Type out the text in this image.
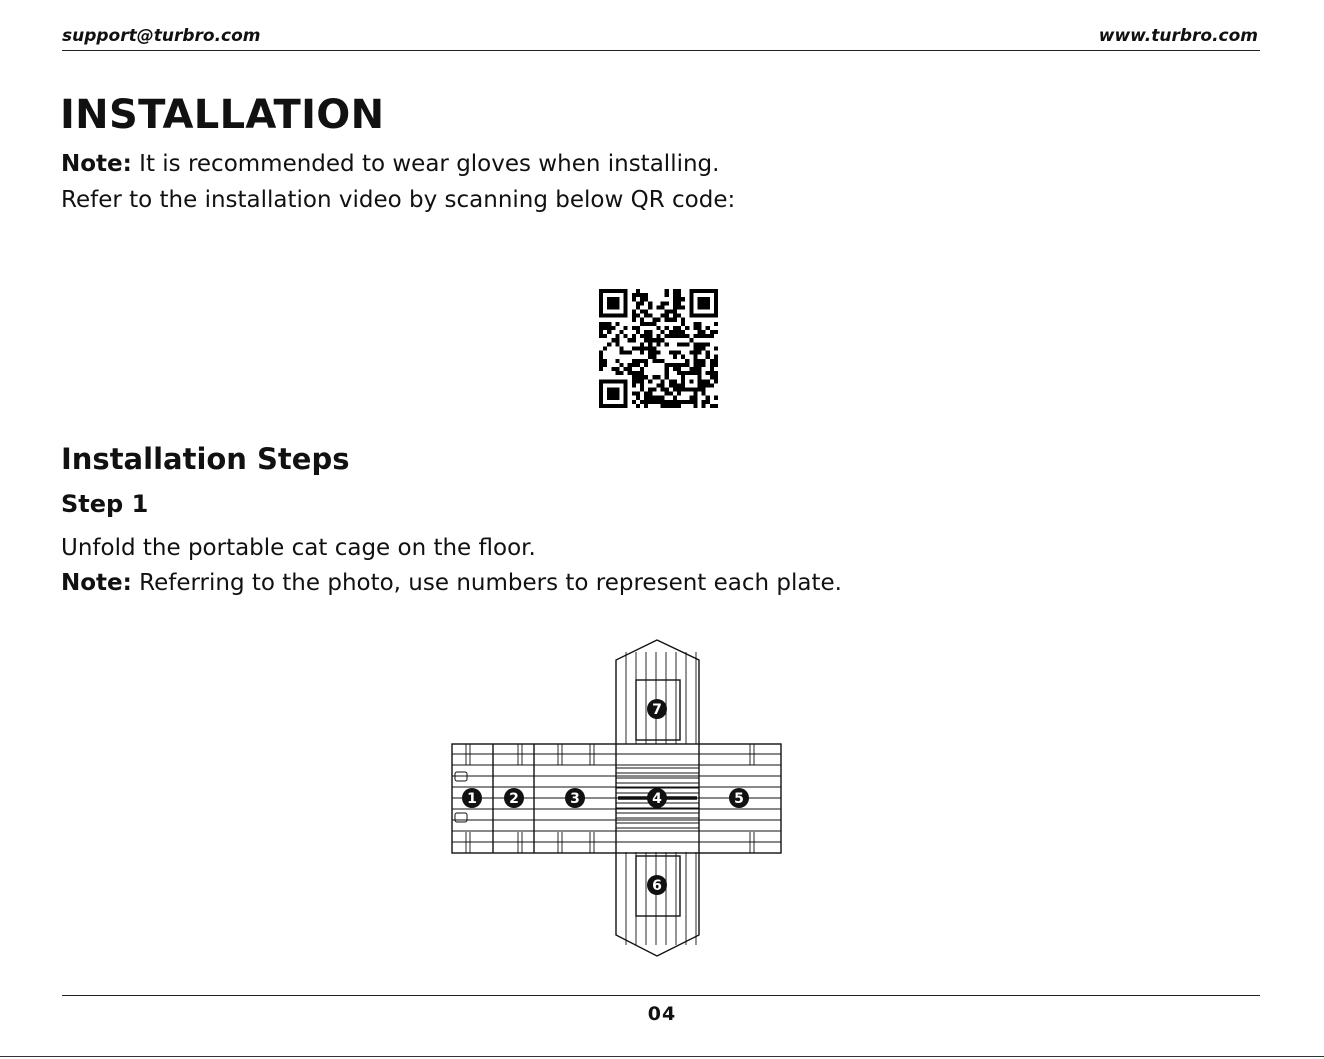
support@turbro.com	www.turbro.com
INSTALLATION
Note: It is recommended to wear gloves when installing.
Refer to the installation video by scanning below QR code:
Installation Steps
Step 1
Unfold the portable cat cage on the floor.
Note: Referring to the photo, use numbers to represent each plate.
1 2	3	4	5
6
7
04
